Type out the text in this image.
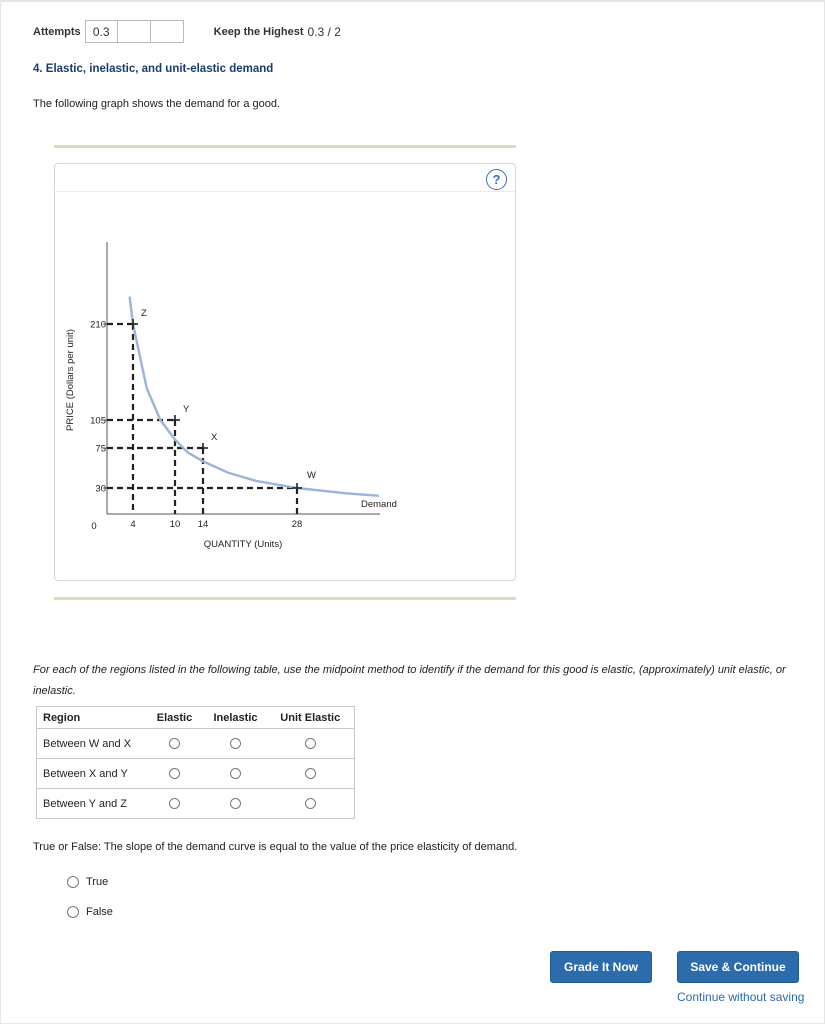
Attempts	0.3	Keep the Highest 0.3 / 2
4. Elastic, inelastic, and unit-elastic demand
The following graph shows the demand for a good.
?
PRICE (Dollars per unit)
QUANTITY (Units)
0
Z
Y
X
W
210
105
75
30
4	10 14	28
Demand
For each of the regions listed in the following table, use the midpoint method to identify if the demand for this good is elastic, (approximately) unit elastic, or inelastic.
Region	Elastic	Inelastic	Unit Elastic
Between W and X			
Between X and Y			
Between Y and Z			
True or False: The slope of the demand curve is equal to the value of the price elasticity of demand.
True
False
Grade It Now	Save & Continue
Continue without saving
